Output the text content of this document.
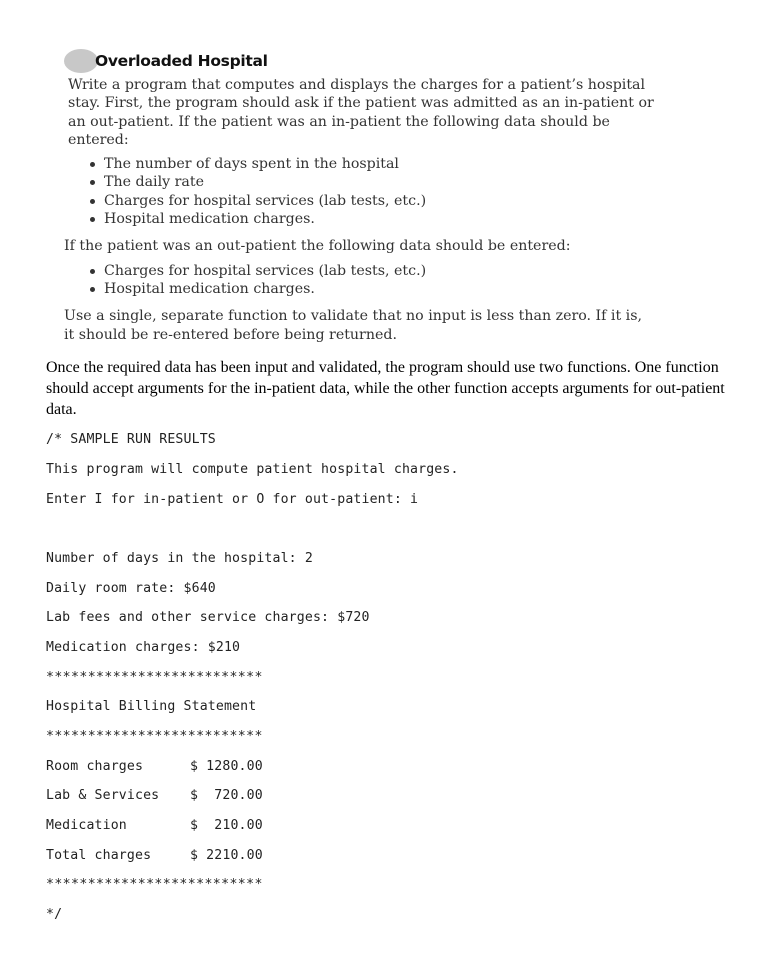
Overloaded Hospital

Write a program that computes and displays the charges for a patient’s hospital stay. First, the program should ask if the patient was admitted as an in-patient or an out-patient. If the patient was an in-patient the following data should be entered:

The number of days spent in the hospital
The daily rate
Charges for hospital services (lab tests, etc.)
Hospital medication charges.

If the patient was an out-patient the following data should be entered:

Charges for hospital services (lab tests, etc.)
Hospital medication charges.

Use a single, separate function to validate that no input is less than zero. If it is, it should be re-entered before being returned.

Once the required data has been input and validated, the program should use two functions. One function should accept arguments for the in-patient data, while the other function accepts arguments for out-patient data.
/* SAMPLE RUN RESULTS
This program will compute patient hospital charges.
Enter I for in-patient or O for out-patient: i
Number of days in the hospital: 2
Daily room rate: $640
Lab fees and other service charges: $720
Medication charges: $210
**************************
Hospital Billing Statement
**************************
Room charges	$ 1280.00
Lab & Services $  720.00
Medication	$  210.00
Total charges	$ 2210.00
**************************
*/
